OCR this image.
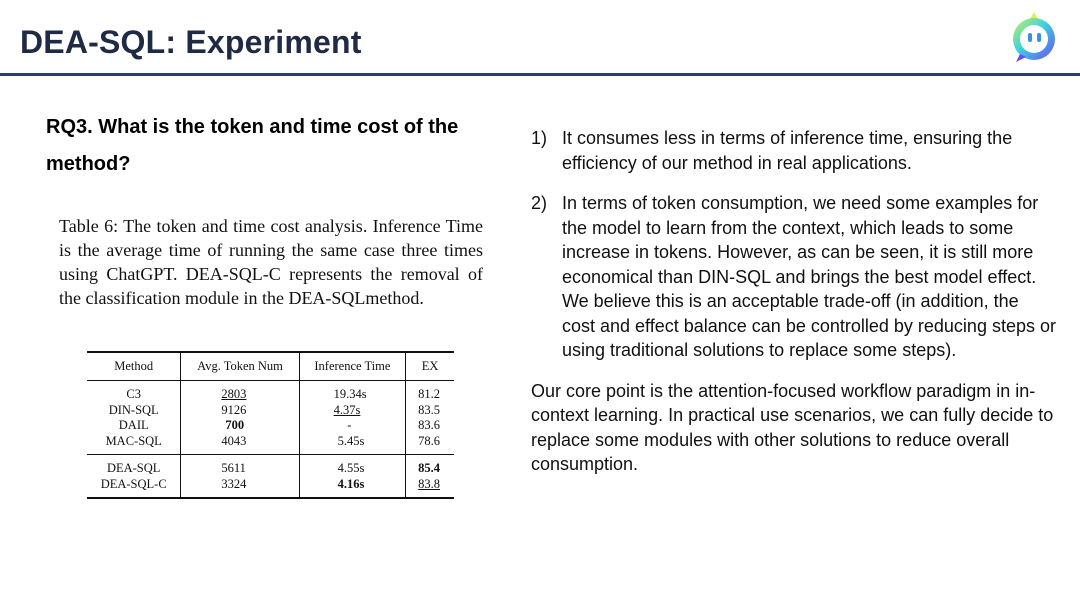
DEA-SQL: Experiment
RQ3. What is the token and time cost of the method?
Table 6: The token and time cost analysis. Inference Time is the average time of running the same case three times using ChatGPT. DEA-SQL-C represents the removal of the classification module in the DEA-SQLmethod.
Method	Avg. Token Num	Inference Time	EX
C3	2803	19.34s	81.2
DIN-SQL	9126	4.37s	83.5
DAIL	700	-	83.6
MAC-SQL	4043	5.45s	78.6
DEA-SQL	5611	4.55s	85.4
DEA-SQL-C	3324	4.16s	83.8
1) It consumes less in terms of inference time, ensuring the efficiency of our method in real applications.
2) In terms of token consumption, we need some examples for the model to learn from the context, which leads to some increase in tokens. However, as can be seen, it is still more economical than DIN-SQL and brings the best model effect. We believe this is an acceptable trade-off (in addition, the cost and effect balance can be controlled by reducing steps or using traditional solutions to replace some steps).
Our core point is the attention-focused workflow paradigm in in-context learning. In practical use scenarios, we can fully decide to replace some modules with other solutions to reduce overall consumption.
